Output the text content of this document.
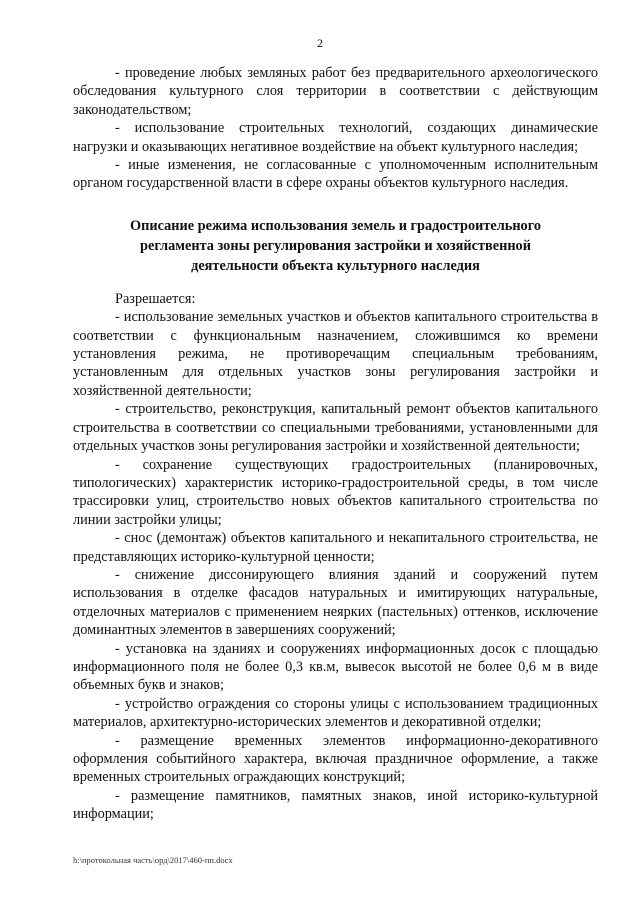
2

- проведение любых земляных работ без предварительного археологического обследования культурного слоя территории в соответствии с действующим законодательством;

- использование строительных технологий, создающих динамические нагрузки и оказывающих негативное воздействие на объект культурного наследия;

- иные изменения, не согласованные с уполномоченным исполнительным органом государственной власти в сфере охраны объектов культурного наследия.

Описание режима использования земель и градостроительного
регламента зоны регулирования застройки и хозяйственной
деятельности объекта культурного наследия

Разрешается:

- использование земельных участков и объектов капитального строительства в соответствии с функциональным назначением, сложившимся ко времени установления режима, не противоречащим специальным требованиям, установленным для отдельных участков зоны регулирования застройки и хозяйственной деятельности;

- строительство, реконструкция, капитальный ремонт объектов капитального строительства в соответствии со специальными требованиями, установленными для отдельных участков зоны регулирования застройки и хозяйственной деятельности;

- сохранение существующих градостроительных (планировочных, типологических) характеристик историко-градостроительной среды, в том числе трассировки улиц, строительство новых объектов капитального строительства по линии застройки улицы;

- снос (демонтаж) объектов капитального и некапитального строительства, не представляющих историко-культурной ценности;

- снижение диссонирующего влияния зданий и сооружений путем использования в отделке фасадов натуральных и имитирующих натуральные, отделочных материалов с применением неярких (пастельных) оттенков, исключение доминантных элементов в завершениях сооружений;

- установка на зданиях и сооружениях информационных досок с площадью информационного поля не более 0,3 кв.м, вывесок высотой не более 0,6 м в виде объемных букв и знаков;

- устройство ограждения со стороны улицы с использованием традиционных материалов, архитектурно-исторических элементов и декоративной отделки;

- размещение временных элементов информационно-декоративного оформления событийного характера, включая праздничное оформление, а также временных строительных ограждающих конструкций;

- размещение памятников, памятных знаков, иной историко-культурной информации;

h:\протокольная часть\орд\2017\460-пп.docx
